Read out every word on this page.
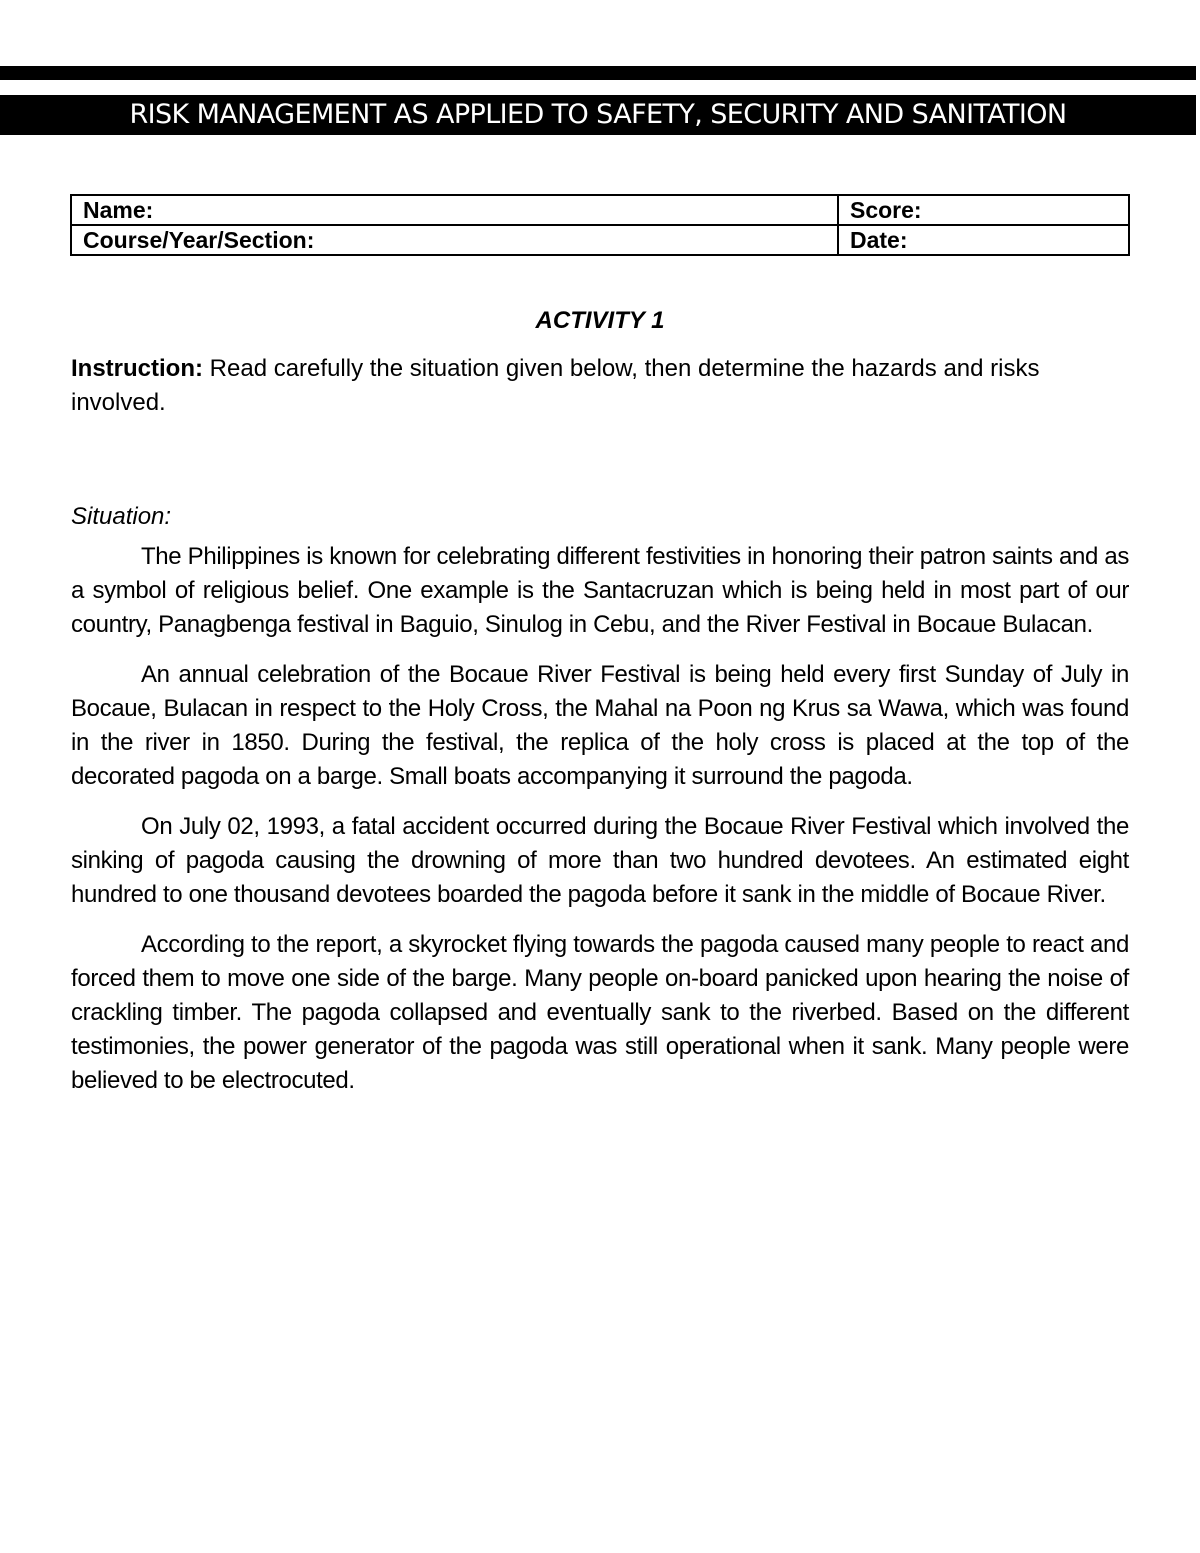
RISK MANAGEMENT AS APPLIED TO SAFETY, SECURITY AND SANITATION
Name:	Score:
Course/Year/Section:	Date:
ACTIVITY 1

Instruction: Read carefully the situation given below, then determine the hazards and risks involved.

Situation:

The Philippines is known for celebrating different festivities in honoring their patron saints and as a symbol of religious belief. One example is the Santacruzan which is being held in most part of our country, Panagbenga festival in Baguio, Sinulog in Cebu, and the River Festival in Bocaue Bulacan.

An annual celebration of the Bocaue River Festival is being held every first Sunday of July in Bocaue, Bulacan in respect to the Holy Cross, the Mahal na Poon ng Krus sa Wawa, which was found in the river in 1850. During the festival, the replica of the holy cross is placed at the top of the decorated pagoda on a barge. Small boats accompanying it surround the pagoda.

On July 02, 1993, a fatal accident occurred during the Bocaue River Festival which involved the sinking of pagoda causing the drowning of more than two hundred devotees. An estimated eight hundred to one thousand devotees boarded the pagoda before it sank in the middle of Bocaue River.

According to the report, a skyrocket flying towards the pagoda caused many people to react and forced them to move one side of the barge. Many people on-board panicked upon hearing the noise of crackling timber. The pagoda collapsed and eventually sank to the riverbed. Based on the different testimonies, the power generator of the pagoda was still operational when it sank. Many people were believed to be electrocuted.
